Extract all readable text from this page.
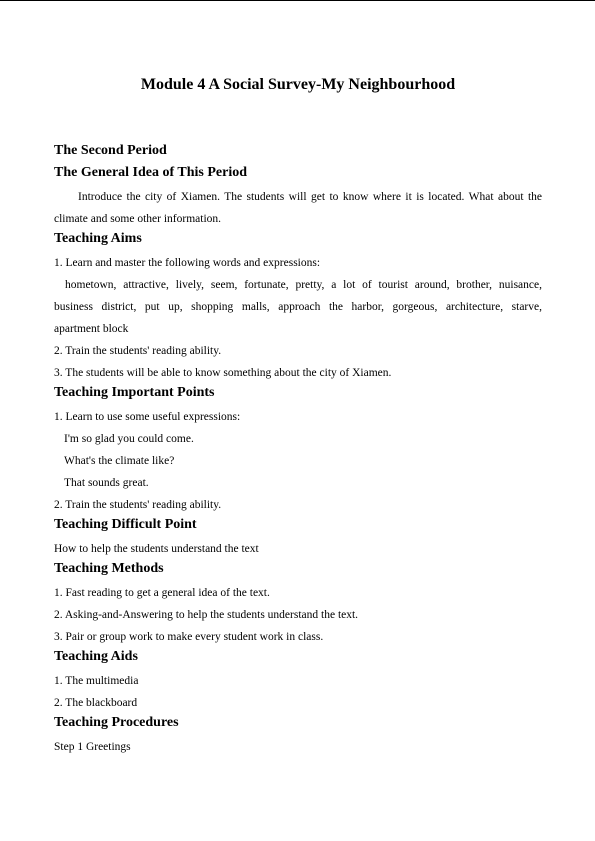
Module 4 A Social Survey-My Neighbourhood
The Second Period
The General Idea of This Period
Introduce the city of Xiamen. The students will get to know where it is located. What about the
climate and some other information.
Teaching Aims
1. Learn and master the following words and expressions:
hometown, attractive, lively, seem, fortunate, pretty, a lot of tourist around, brother, nuisance,
business district, put up, shopping malls, approach the harbor, gorgeous, architecture, starve,
apartment block
2. Train the students' reading ability.
3. The students will be able to know something about the city of Xiamen.
Teaching Important Points
1. Learn to use some useful expressions:
I'm so glad you could come.
What's the climate like?
That sounds great.
2. Train the students' reading ability.
Teaching Difficult Point
How to help the students understand the text
Teaching Methods
1. Fast reading to get a general idea of the text.
2. Asking-and-Answering to help the students understand the text.
3. Pair or group work to make every student work in class.
Teaching Aids
1. The multimedia
2. The blackboard
Teaching Procedures
Step 1 Greetings
